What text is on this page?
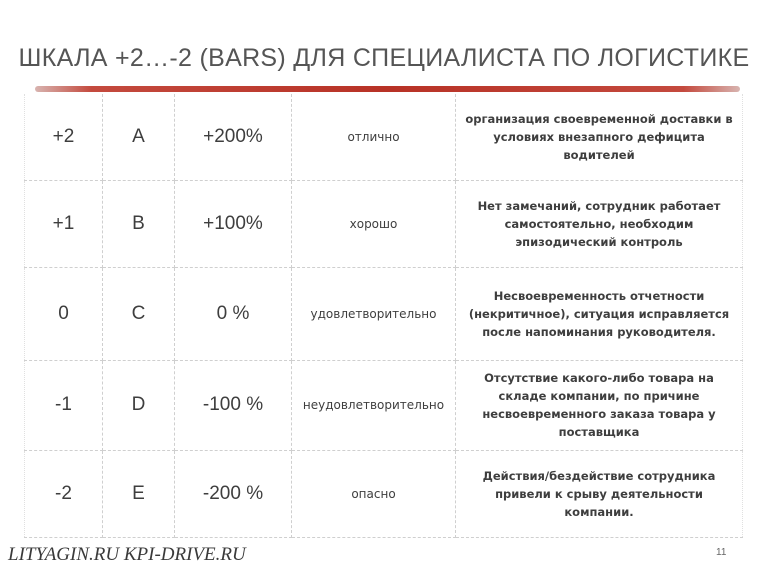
ШКАЛА +2…-2 (BARS) ДЛЯ СПЕЦИАЛИСТА ПО ЛОГИСТИКЕ
+2	A	+200%	отлично	организация своевременной доставки в условиях внезапного дефицита водителей
+1	B	+100%	хорошо	Нет замечаний, сотрудник работает самостоятельно, необходим эпизодический контроль
0	C	0 %	удовлетворительно	Несвоевременность отчетности (некритичное), ситуация исправляется после напоминания руководителя.
-1	D	-100 %	неудовлетворительно	Отсутствие какого-либо товара на складе компании, по причине несвоевременного заказа товара у поставщика
-2	E	-200 %	опасно	Действия/бездействие сотрудника привели к срыву деятельности компании.
LITYAGIN.RU KPI-DRIVE.RU	11
